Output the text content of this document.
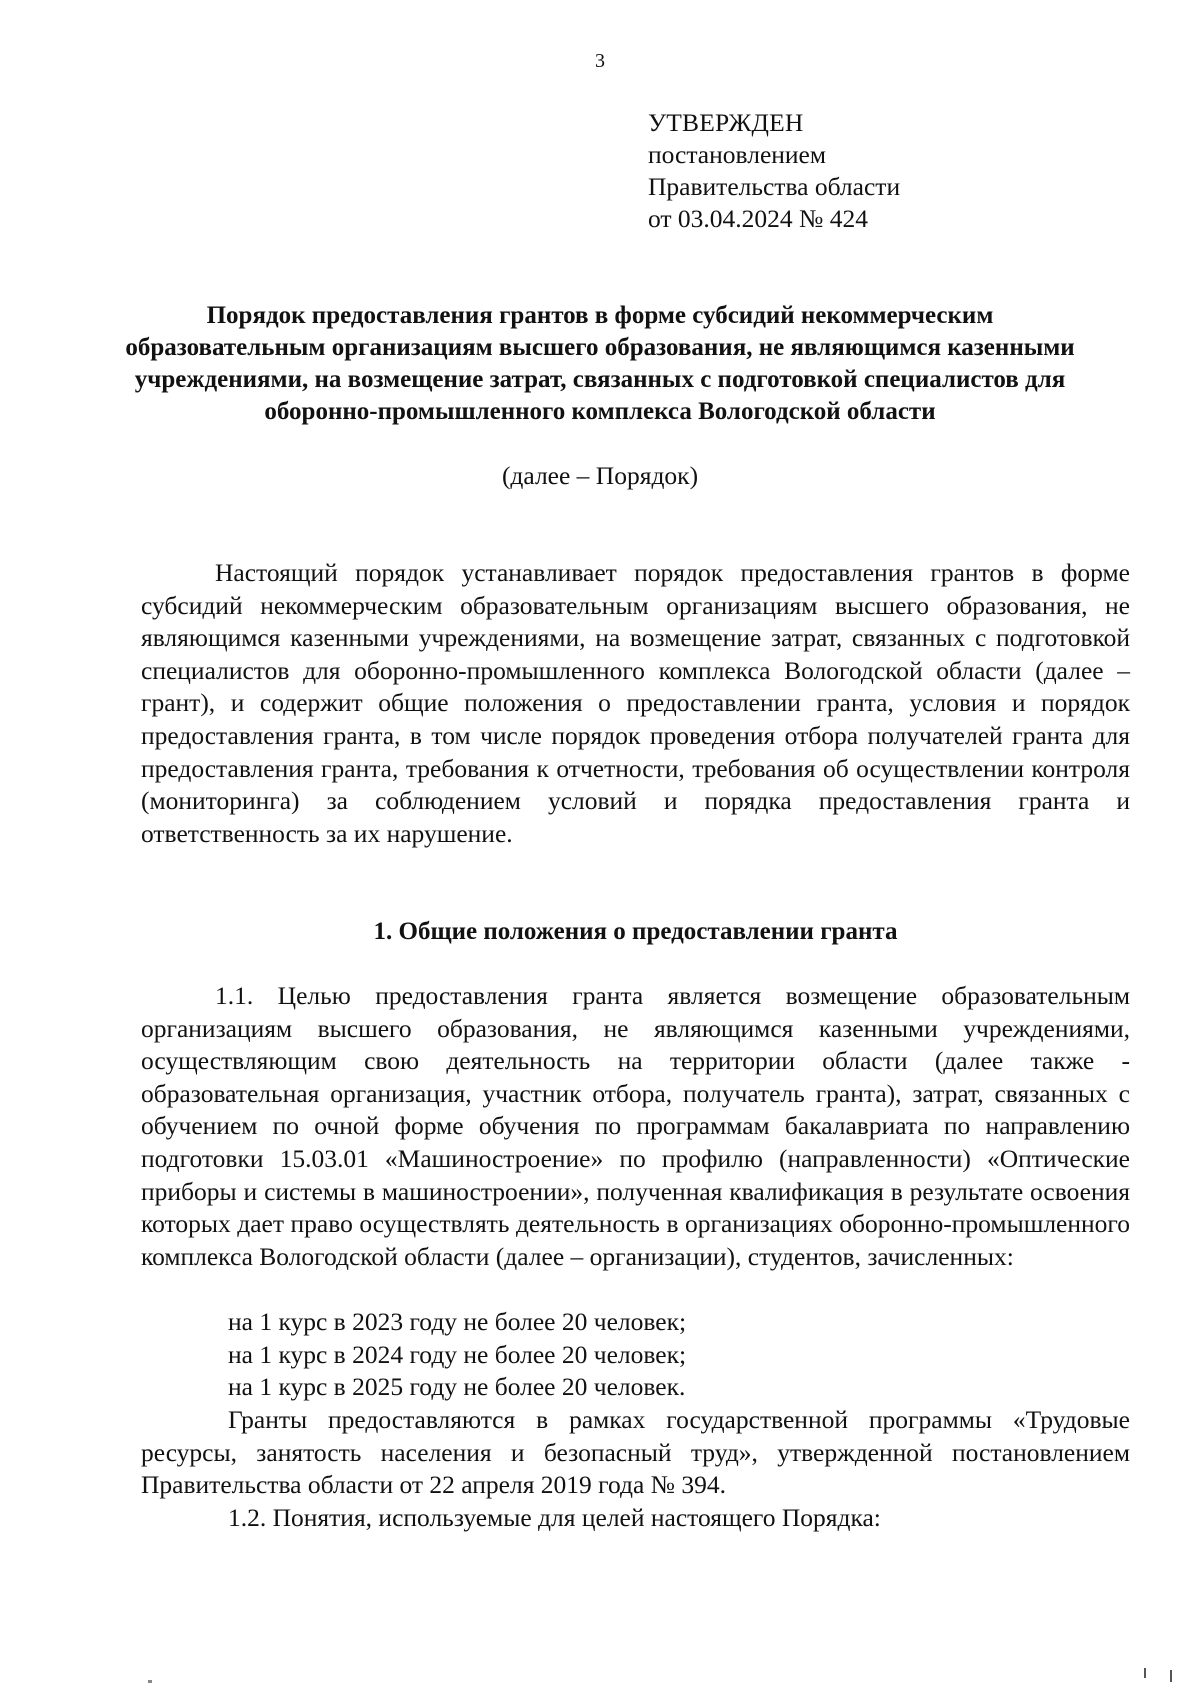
3
УТВЕРЖДЕН
постановлением
Правительства области
от 03.04.2024 № 424
Порядок предоставления грантов в форме субсидий некоммерческим образовательным организациям высшего образования, не являющимся казенными учреждениями, на возмещение затрат, связанных с подготовкой специалистов для оборонно-промышленного комплекса Вологодской области
(далее – Порядок)

Настоящий порядок устанавливает порядок предоставления грантов в форме субсидий некоммерческим образовательным организациям высшего образования, не являющимся казенными учреждениями, на возмещение затрат, связанных с подготовкой специалистов для оборонно-промышленного комплекса Вологодской области (далее – грант), и содержит общие положения о предоставлении гранта, условия и порядок предоставления гранта, в том числе порядок проведения отбора получателей гранта для предоставления гранта, требования к отчетности, требования об осуществлении контроля (мониторинга) за соблюдением условий и порядка предоставления гранта и ответственность за их нарушение.

1. Общие положения о предоставлении гранта

1.1. Целью предоставления гранта является возмещение образовательным организациям высшего образования, не являющимся казенными учреждениями, осуществляющим свою деятельность на территории области (далее также - образовательная организация, участник отбора, получатель гранта), затрат, связанных с обучением по очной форме обучения по программам бакалавриата по направлению подготовки 15.03.01 «Машиностроение» по профилю (направленности) «Оптические приборы и системы в машиностроении», полученная квалификация в результате освоения которых дает право осуществлять деятельность в организациях оборонно-промышленного комплекса Вологодской области (далее – организации), студентов, зачисленных:

на 1 курс в 2023 году не более 20 человек;
на 1 курс в 2024 году не более 20 человек;
на 1 курс в 2025 году не более 20 человек.

Гранты предоставляются в рамках государственной программы «Трудовые ресурсы, занятость населения и безопасный труд», утвержденной постановлением Правительства области от 22 апреля 2019 года № 394.

1.2. Понятия, используемые для целей настоящего Порядка:
